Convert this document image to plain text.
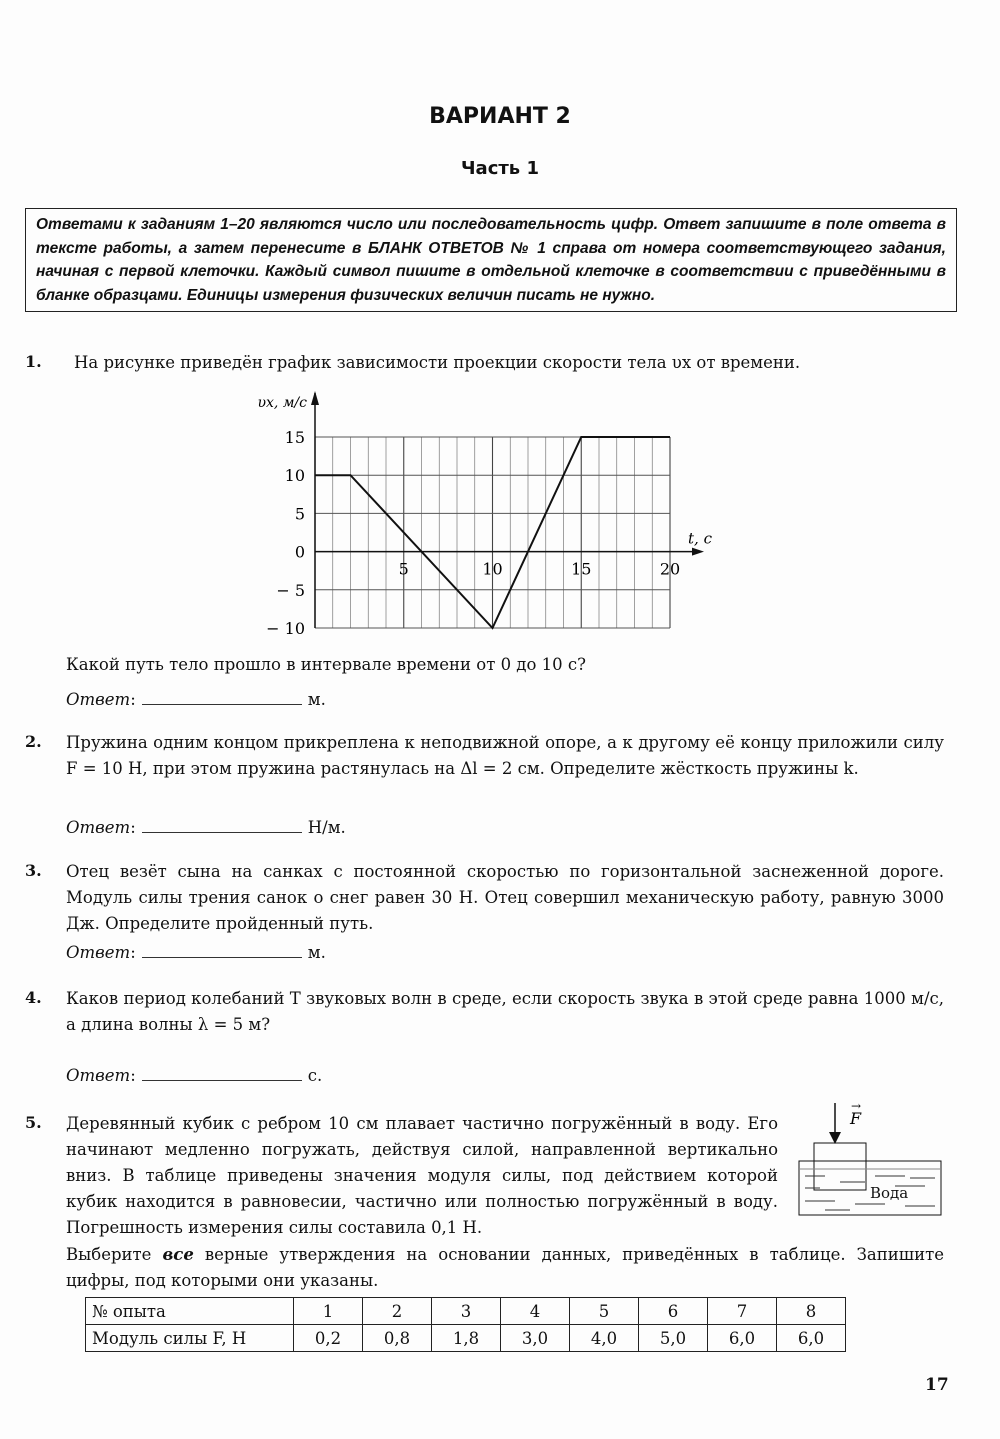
ВАРИАНТ 2
Часть 1
Ответами к заданиям 1–20 являются число или последовательность цифр. Ответ запишите в поле ответа в тексте работы, а затем перенесите в БЛАНК ОТВЕТОВ № 1 справа от номера соответствующего задания, начиная с первой клеточки. Каждый символ пишите в отдельной клеточке в соответствии с приведёнными в бланке образцами. Единицы измерения физических величин писать не нужно.
1. На рисунке приведён график зависимости проекции скорости тела υx от времени.
15
10
5
0
− 5
− 10
5	10	15	20
υx, м/с
t, с
Какой путь тело прошло в интервале времени от 0 до 10 с?
Ответ:	м.
2. Пружина одним концом прикреплена к неподвижной опоре, а к другому её концу приложили силу F = 10 Н, при этом пружина растянулась на Δl = 2 см. Определите жёсткость пружины k.
Ответ:	Н/м.
3. Отец везёт сына на санках с постоянной скоростью по горизонтальной заснеженной дороге. Модуль силы трения санок о снег равен 30 Н. Отец совершил механическую работу, равную 3000 Дж. Определите пройденный путь.
Ответ:	м.
4. Каков период колебаний T звуковых волн в среде, если скорость звука в этой среде равна 1000 м/с, а длина волны λ = 5 м?
Ответ:	с.
5. Деревянный кубик с ребром 10 см плавает частично погружённый в воду. Его начинают медленно погружать, действуя силой, направленной вертикально вниз. В таблице приведены значения модуля силы, под действием которой кубик находится в равновесии, частично или полностью погружённый в воду. Погрешность измерения силы составила 0,1 Н.
F
→
Вода
Выберите все верные утверждения на основании данных, приведённых в таблице. Запишите цифры, под которыми они указаны.
№ опыта	1	2	3	4	5	6	7	8
Модуль силы F, Н	0,2	0,8	1,8	3,0	4,0	5,0	6,0	6,0
17
